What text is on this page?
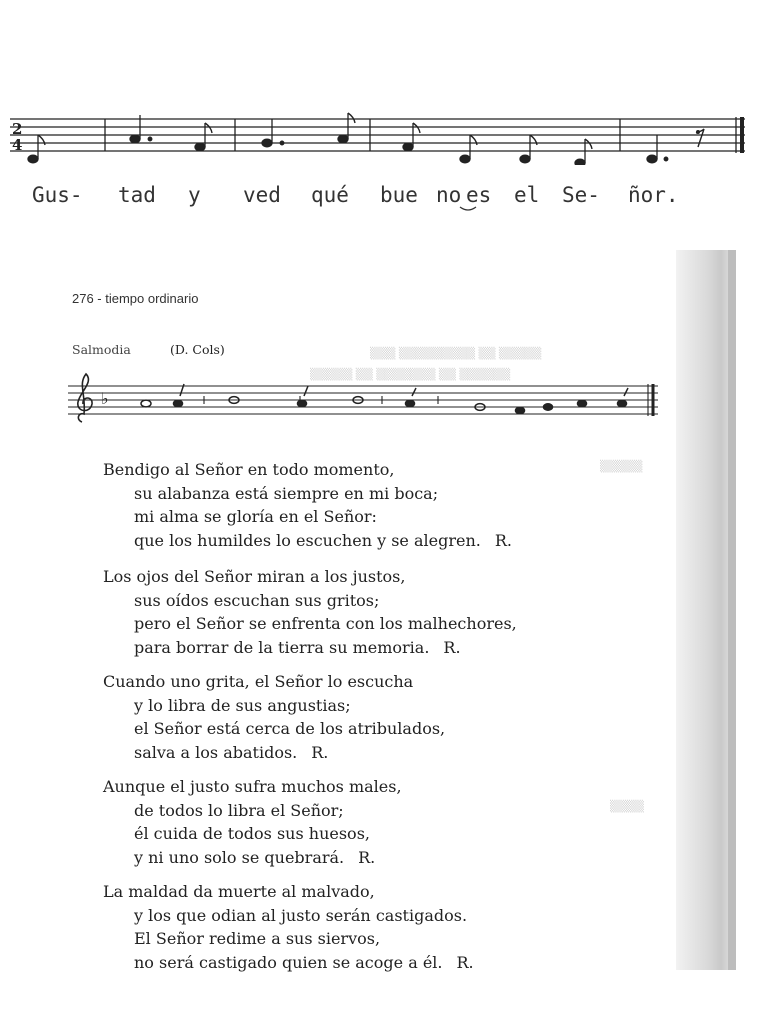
2
4
Gus- tad y ved qué bue no es el Se- ñor.
276 - tiempo ordinario
Salmodia	(D. Cols)
♭
▒▒▒ ▒▒▒▒▒▒▒▒▒ ▒▒ ▒▒▒▒▒
▒▒▒▒▒ ▒▒ ▒▒▒▒▒▒▒ ▒▒ ▒▒▒▒▒▒
▒▒▒▒▒
▒▒▒▒
Bendigo al Señor en todo momento,
su alabanza está siempre en mi boca;
mi alma se gloría en el Señor:
que los humildes lo escuchen y se alegren. R.
Los ojos del Señor miran a los justos,
sus oídos escuchan sus gritos;
pero el Señor se enfrenta con los malhechores,
para borrar de la tierra su memoria. R.
Cuando uno grita, el Señor lo escucha
y lo libra de sus angustias;
el Señor está cerca de los atribulados,
salva a los abatidos. R.
Aunque el justo sufra muchos males,
de todos lo libra el Señor;
él cuida de todos sus huesos,
y ni uno solo se quebrará. R.
La maldad da muerte al malvado,
y los que odian al justo serán castigados.
El Señor redime a sus siervos,
no será castigado quien se acoge a él. R.
